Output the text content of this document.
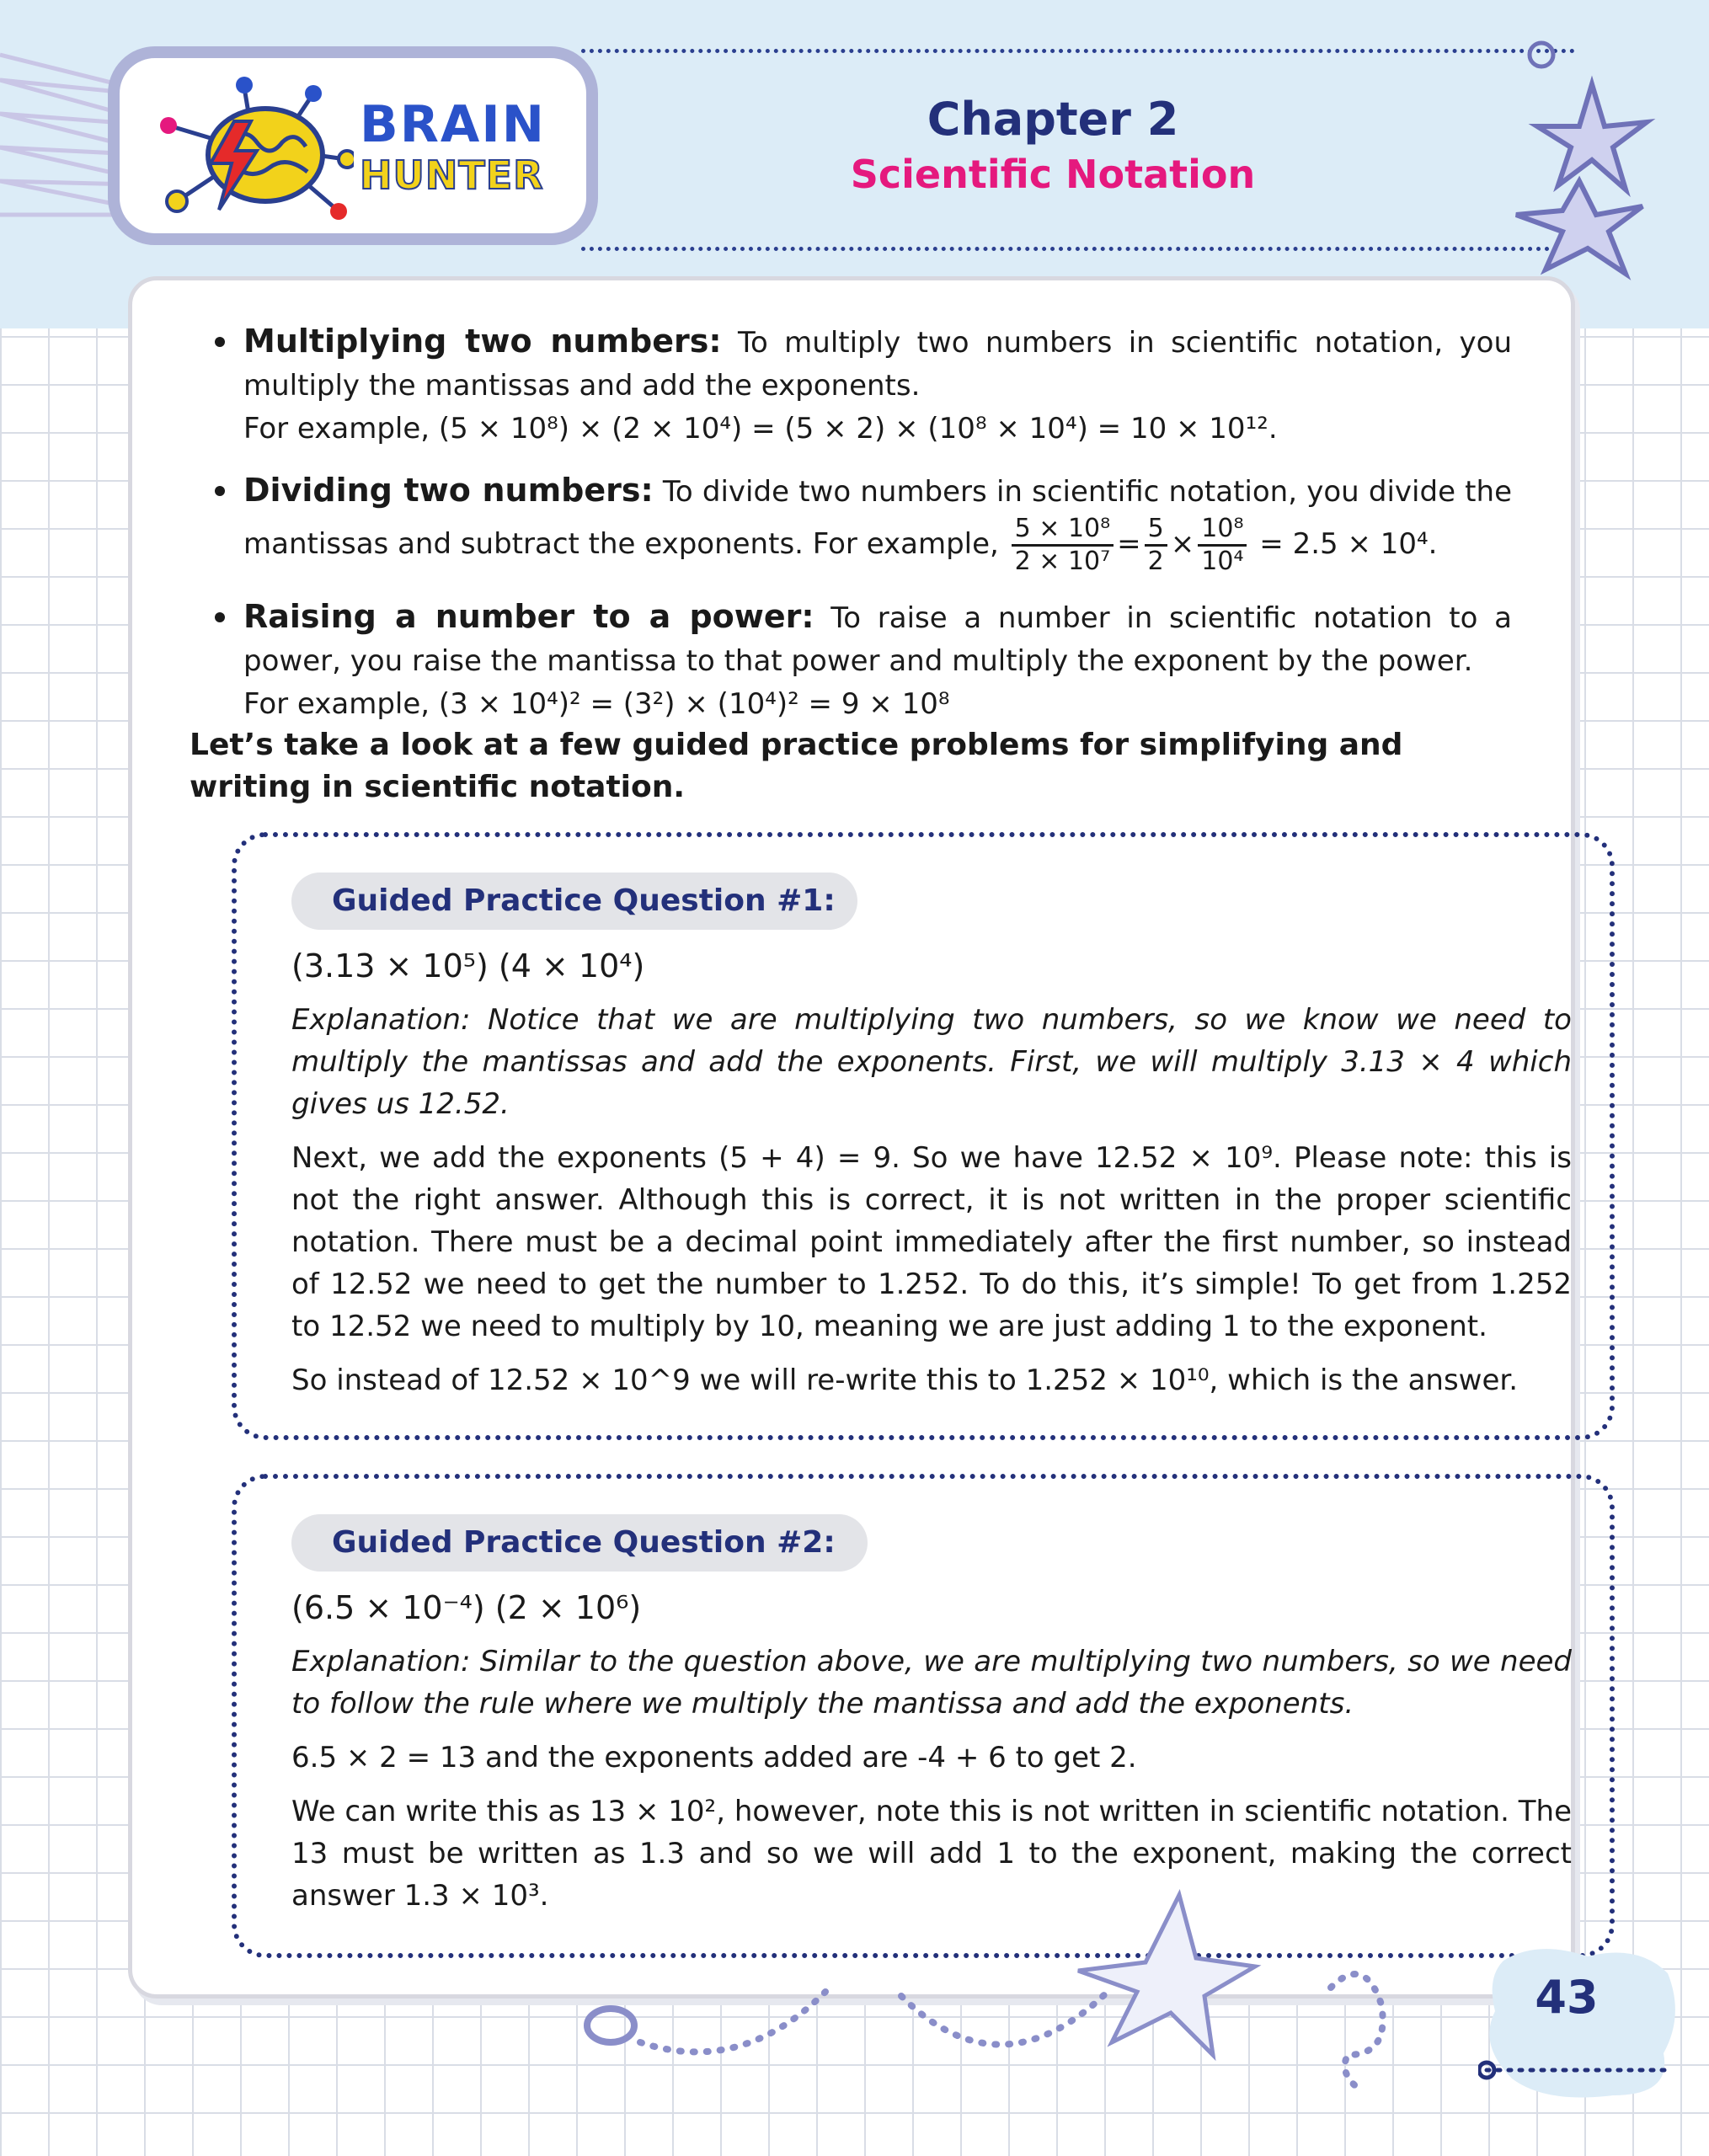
BRAIN
HUNTER
Chapter 2
Scientific Notation
Multiplying two numbers: To multiply two numbers in scientific notation, you multiply the mantissas and add the exponents.
For example, (5 × 10⁸) × (2 × 10⁴) = (5 × 2) × (10⁸ × 10⁴) = 10 × 10¹².
Dividing two numbers: To divide two numbers in scientific notation, you divide the mantissas and subtract the exponents. For example, $\frac{\text{5 × 10⁸}}{\text{2 × 10⁷}} = \frac{5}{2} \times \frac{\text{10⁸}}{\text{10⁴}} = 2.5 \times 10^4$.
Raising a number to a power: To raise a number in scientific notation to a power, you raise the mantissa to that power and multiply the exponent by the power.
For example, (3 × 10⁴)² = (3²) × (10⁴)² = 9 × 10⁸
Let’s take a look at a few guided practice problems for simplifying and writing in scientific notation.
Guided Practice Question #1:

(3.13 × 10⁵) (4 × 10⁴)

Explanation: Notice that we are multiplying two numbers, so we know we need to multiply the mantissas and add the exponents. First, we will multiply 3.13 × 4 which gives us 12.52.

Next, we add the exponents (5 + 4) = 9. So we have 12.52 × 10⁹. Please note: this is not the right answer. Although this is correct, it is not written in the proper scientific notation. There must be a decimal point immediately after the first number, so instead of 12.52 we need to get the number to 1.252. To do this, it’s simple! To get from 1.252 to 12.52 we need to multiply by 10, meaning we are just adding 1 to the exponent.

So instead of 12.52 × 10^9 we will re-write this to 1.252 × 10¹⁰, which is the answer.

Guided Practice Question #2:

(6.5 × 10⁻⁴) (2 × 10⁶)

Explanation: Similar to the question above, we are multiplying two numbers, so we need to follow the rule where we multiply the mantissa and add the exponents.

6.5 × 2 = 13 and the exponents added are -4 + 6 to get 2.

We can write this as 13 × 10², however, note this is not written in scientific notation. The 13 must be written as 1.3 and so we will add 1 to the exponent, making the correct answer 1.3 × 10³.

43
